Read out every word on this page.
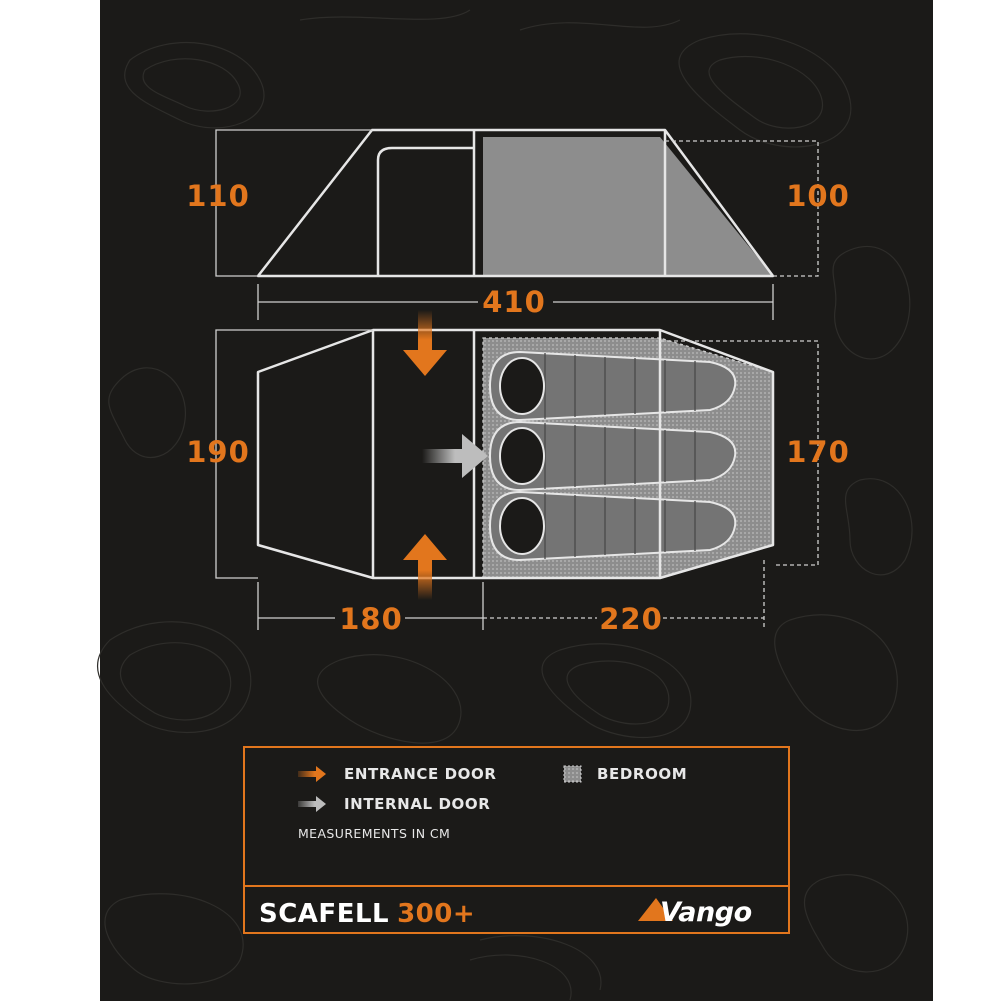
110	100
410
190	170
180	220
ENTRANCE DOOR
INTERNAL DOOR
MEASUREMENTS IN CM
BEDROOM
SCAFELL 300+	Vango
